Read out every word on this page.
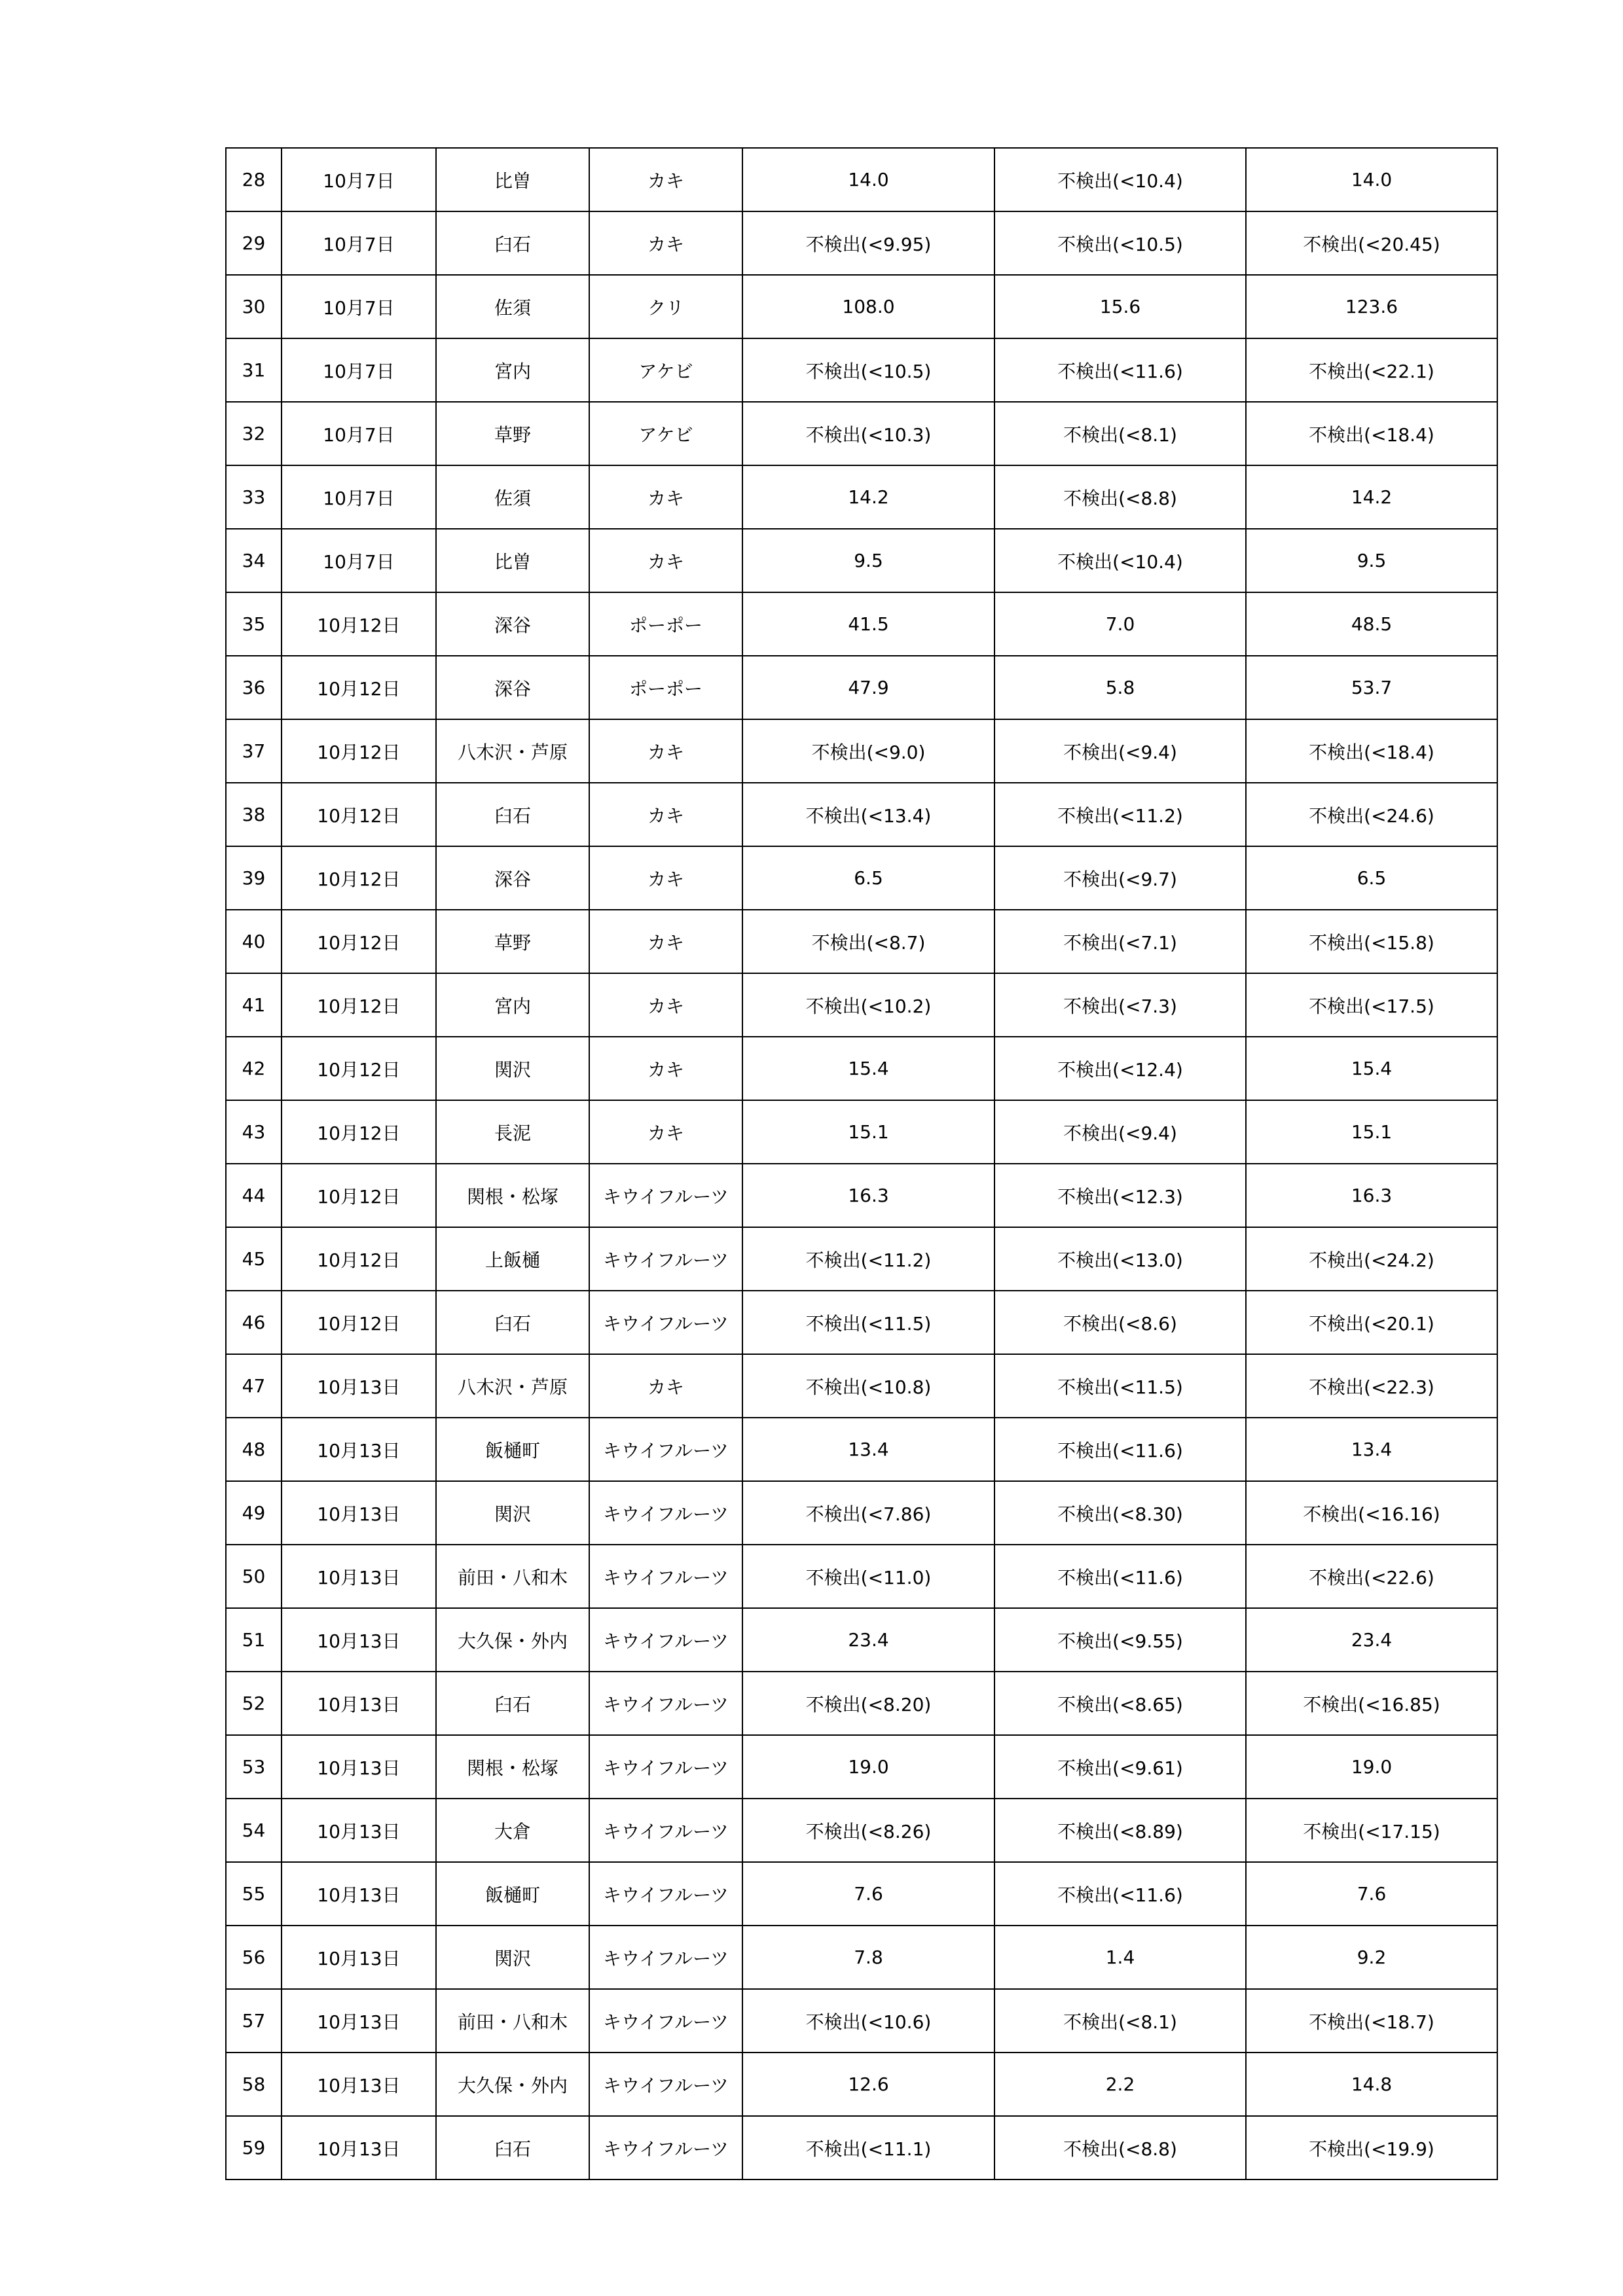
28	10月7日	比曽	カキ	14.0	不検出(<10.4)	14.0
29	10月7日	臼石	カキ	不検出(<9.95)	不検出(<10.5)	不検出(<20.45)
30	10月7日	佐須	クリ	108.0	15.6	123.6
31	10月7日	宮内	アケビ	不検出(<10.5)	不検出(<11.6)	不検出(<22.1)
32	10月7日	草野	アケビ	不検出(<10.3)	不検出(<8.1)	不検出(<18.4)
33	10月7日	佐須	カキ	14.2	不検出(<8.8)	14.2
34	10月7日	比曽	カキ	9.5	不検出(<10.4)	9.5
35	10月12日	深谷	ポーポー	41.5	7.0	48.5
36	10月12日	深谷	ポーポー	47.9	5.8	53.7
37	10月12日	八木沢・芦原	カキ	不検出(<9.0)	不検出(<9.4)	不検出(<18.4)
38	10月12日	臼石	カキ	不検出(<13.4)	不検出(<11.2)	不検出(<24.6)
39	10月12日	深谷	カキ	6.5	不検出(<9.7)	6.5
40	10月12日	草野	カキ	不検出(<8.7)	不検出(<7.1)	不検出(<15.8)
41	10月12日	宮内	カキ	不検出(<10.2)	不検出(<7.3)	不検出(<17.5)
42	10月12日	関沢	カキ	15.4	不検出(<12.4)	15.4
43	10月12日	長泥	カキ	15.1	不検出(<9.4)	15.1
44	10月12日	関根・松塚	キウイフルーツ	16.3	不検出(<12.3)	16.3
45	10月12日	上飯樋	キウイフルーツ	不検出(<11.2)	不検出(<13.0)	不検出(<24.2)
46	10月12日	臼石	キウイフルーツ	不検出(<11.5)	不検出(<8.6)	不検出(<20.1)
47	10月13日	八木沢・芦原	カキ	不検出(<10.8)	不検出(<11.5)	不検出(<22.3)
48	10月13日	飯樋町	キウイフルーツ	13.4	不検出(<11.6)	13.4
49	10月13日	関沢	キウイフルーツ	不検出(<7.86)	不検出(<8.30)	不検出(<16.16)
50	10月13日	前田・八和木	キウイフルーツ	不検出(<11.0)	不検出(<11.6)	不検出(<22.6)
51	10月13日	大久保・外内	キウイフルーツ	23.4	不検出(<9.55)	23.4
52	10月13日	臼石	キウイフルーツ	不検出(<8.20)	不検出(<8.65)	不検出(<16.85)
53	10月13日	関根・松塚	キウイフルーツ	19.0	不検出(<9.61)	19.0
54	10月13日	大倉	キウイフルーツ	不検出(<8.26)	不検出(<8.89)	不検出(<17.15)
55	10月13日	飯樋町	キウイフルーツ	7.6	不検出(<11.6)	7.6
56	10月13日	関沢	キウイフルーツ	7.8	1.4	9.2
57	10月13日	前田・八和木	キウイフルーツ	不検出(<10.6)	不検出(<8.1)	不検出(<18.7)
58	10月13日	大久保・外内	キウイフルーツ	12.6	2.2	14.8
59	10月13日	臼石	キウイフルーツ	不検出(<11.1)	不検出(<8.8)	不検出(<19.9)
